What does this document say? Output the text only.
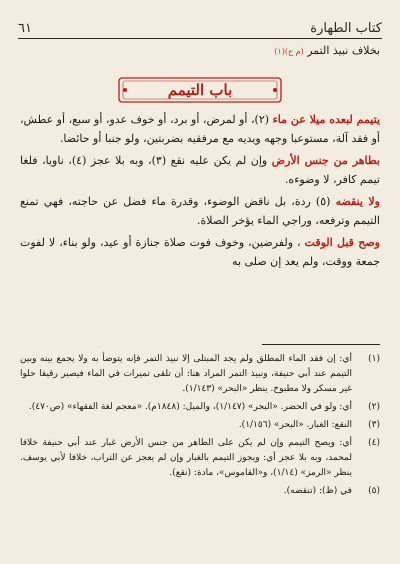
كتاب الطهارة
٦١
بخلاف نبيذ التمر (م ح)(١)
باب التيمم

يتيمم لبعده ميلا عن ماء (٢)، أو لمرض، أو برد، أو خوف عدو، أو سبع، أو عطش، أو فقد آلة، مستوعبا وجهه ويديه مع مرفقيه بضربتين، ولو جنبا أو حائضا.

بطاهر من جنس الأرض وإن لم يكن عليه نقع (٣)، وبه بلا عجز (٤)، ناويا، فلغا تيمم كافر، لا وضوءه.

ولا ينقضه (٥) ردة، بل ناقض الوضوء، وقدرة ماء فضل عن حاجته، فهي تمنع التيمم وترفعه، وراجي الماء يؤخر الصلاة.

وصح قبل الوقت ، ولفرضين، وخوف فوت صلاة جنازة أو عيد، ولو بناء، لا لفوت جمعة ووقت، ولم يعد إن صلى به

(١)
أي: إن فقد الماء المطلق ولم يجد المبتلى إلا نبيذ التمر فإنه يتوضأ به ولا يجمع بينه وبين التيمم عند أبي حنيفة، ونبيذ التمر المراد هنا: أن تلقى تميرات في الماء فيصير رقيقا حلوا غير مسكر ولا مطبوخ. ينظر «البحر» (١/١٤٣).
(٢)
أي: ولو في الحضر. «البحر» (١/١٤٧)، والميل: (١٨٤٨م). «معجم لغة الفقهاء» (ص٤٧٠).
(٣)
النقع: الغبار. «البحر» (١/١٥٦).
(٤)
أي: ويصح التيمم وإن لم يكن على الطاهر من جنس الأرض غبار عند أبي حنيفة خلافا لمحمد، وبه بلا عجز أي: ويجوز التيمم بالغبار وإن لم يعجز عن التراب، خلافا لأبي يوسف. ينظر «الرمز» (١/١٤)، و«القاموس»، مادة: (نقع).
(٥)
في (ظ): (تنقضه).
